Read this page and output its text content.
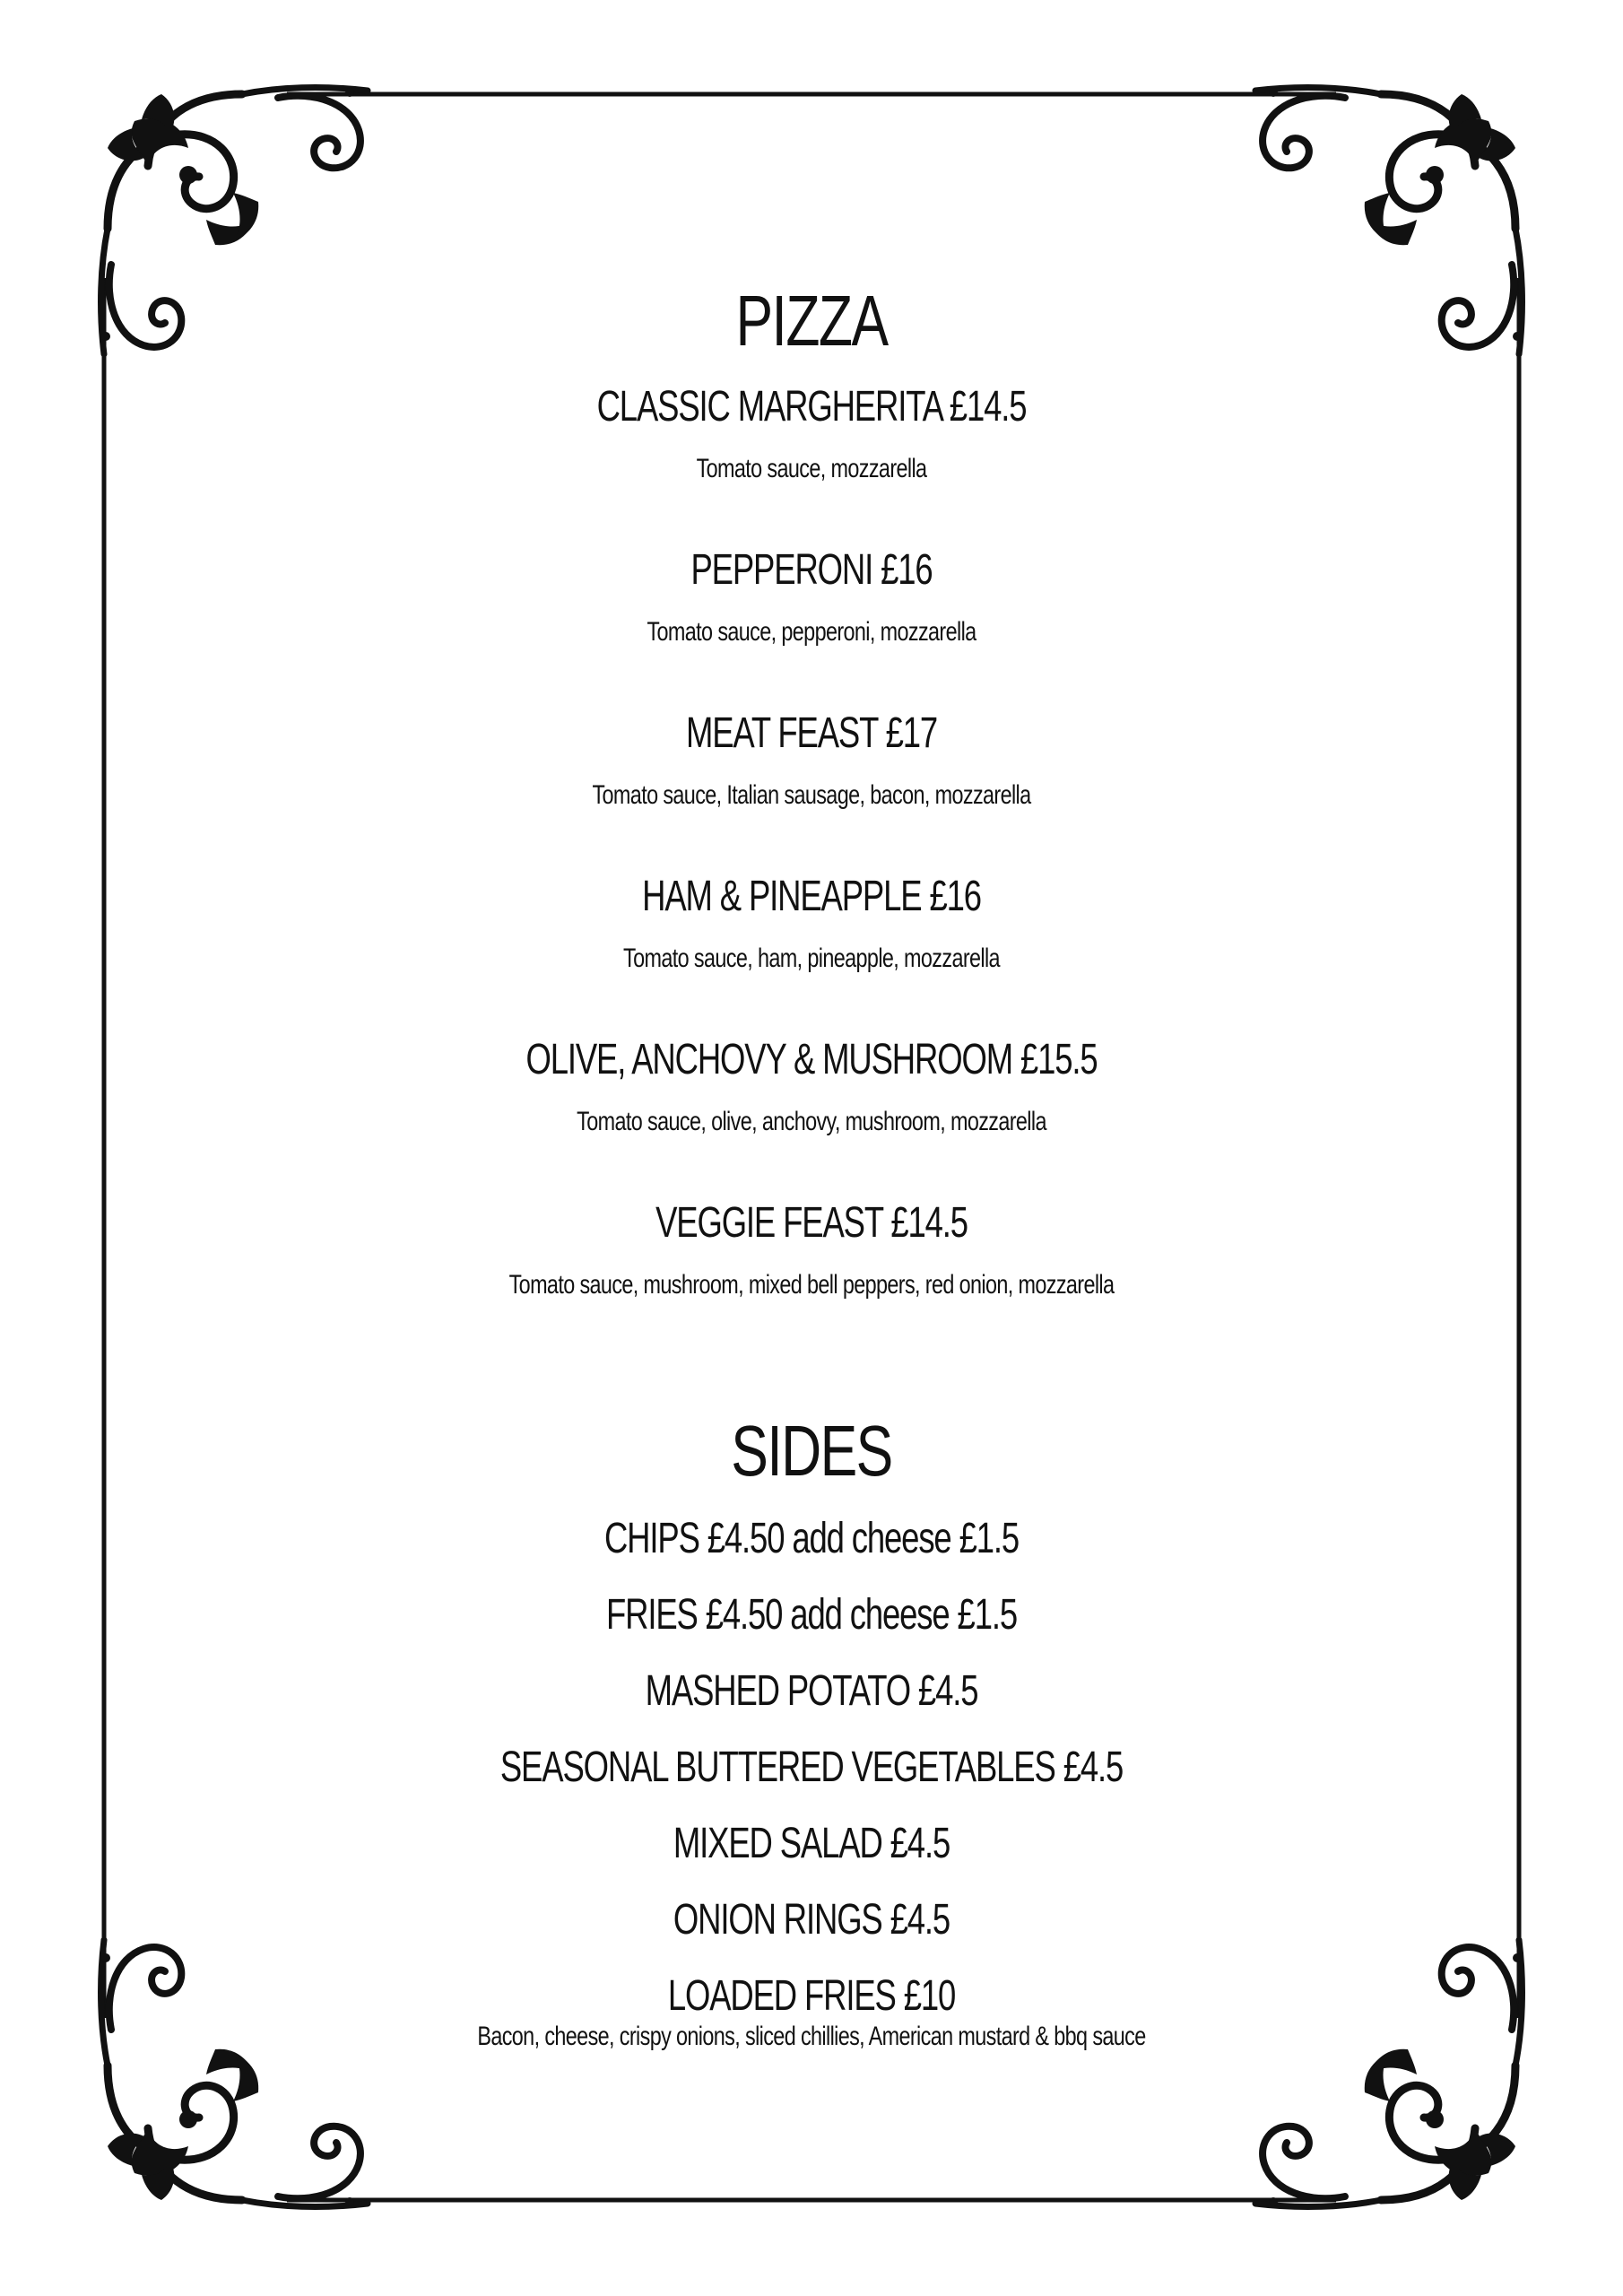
PIZZA
CLASSIC MARGHERITA £14.5
Tomato sauce, mozzarella
PEPPERONI £16
Tomato sauce, pepperoni, mozzarella
MEAT FEAST £17
Tomato sauce, Italian sausage, bacon, mozzarella
HAM & PINEAPPLE £16
Tomato sauce, ham, pineapple, mozzarella
OLIVE, ANCHOVY & MUSHROOM £15.5
Tomato sauce, olive, anchovy, mushroom, mozzarella
VEGGIE FEAST £14.5
Tomato sauce, mushroom, mixed bell peppers, red onion, mozzarella
SIDES
CHIPS £4.50 add cheese £1.5
FRIES £4.50 add cheese £1.5
MASHED POTATO £4.5
SEASONAL BUTTERED VEGETABLES £4.5
MIXED SALAD £4.5
ONION RINGS £4.5
LOADED FRIES £10
Bacon, cheese, crispy onions, sliced chillies, American mustard & bbq sauce
